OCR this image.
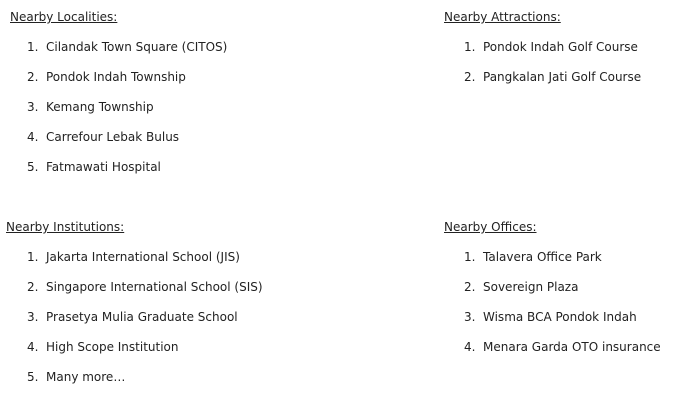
Nearby Localities:
1. Cilandak Town Square (CITOS)
2. Pondok Indah Township
3. Kemang Township
4. Carrefour Lebak Bulus
5. Fatmawati Hospital
Nearby Attractions:
1. Pondok Indah Golf Course
2. Pangkalan Jati Golf Course
Nearby Institutions:
1. Jakarta International School (JIS)
2. Singapore International School (SIS)
3. Prasetya Mulia Graduate School
4. High Scope Institution
5. Many more…
Nearby Offices:
1. Talavera Office Park
2. Sovereign Plaza
3. Wisma BCA Pondok Indah
4. Menara Garda OTO insurance
